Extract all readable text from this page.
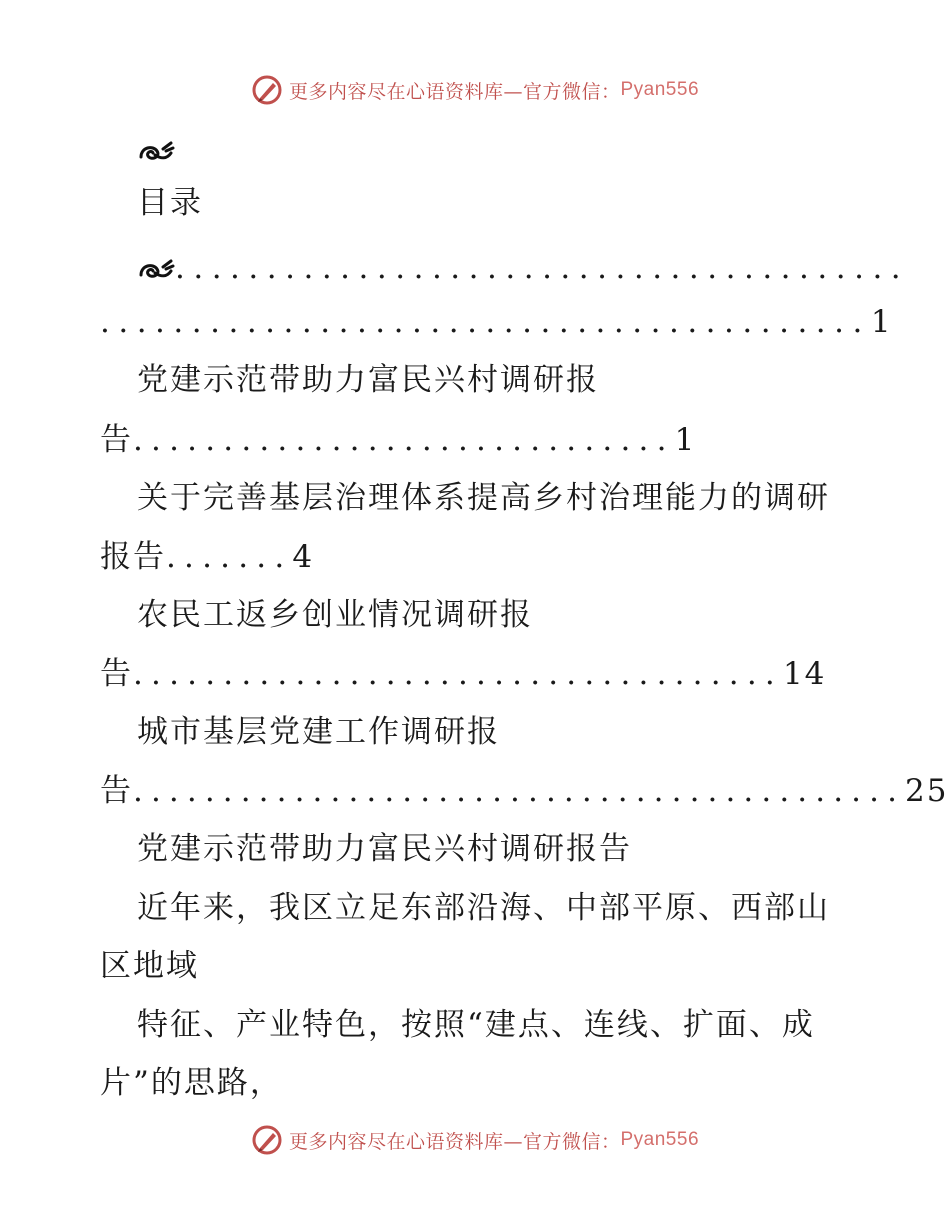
更多内容尽在心语资料库—官方微信： Pyan556
目录
........................................
..........................................1
党建示范带助力富民兴村调研报
告..............................1
关于完善基层治理体系提高乡村治理能力的调研
报告.......4
农民工返乡创业情况调研报
告....................................14
城市基层党建工作调研报
告...........................................25
党建示范带助力富民兴村调研报告
近年来，我区立足东部沿海、中部平原、西部山
区地域
特征、产业特色，按照“建点、连线、扩面、成
片”的思路，
更多内容尽在心语资料库—官方微信： Pyan556
